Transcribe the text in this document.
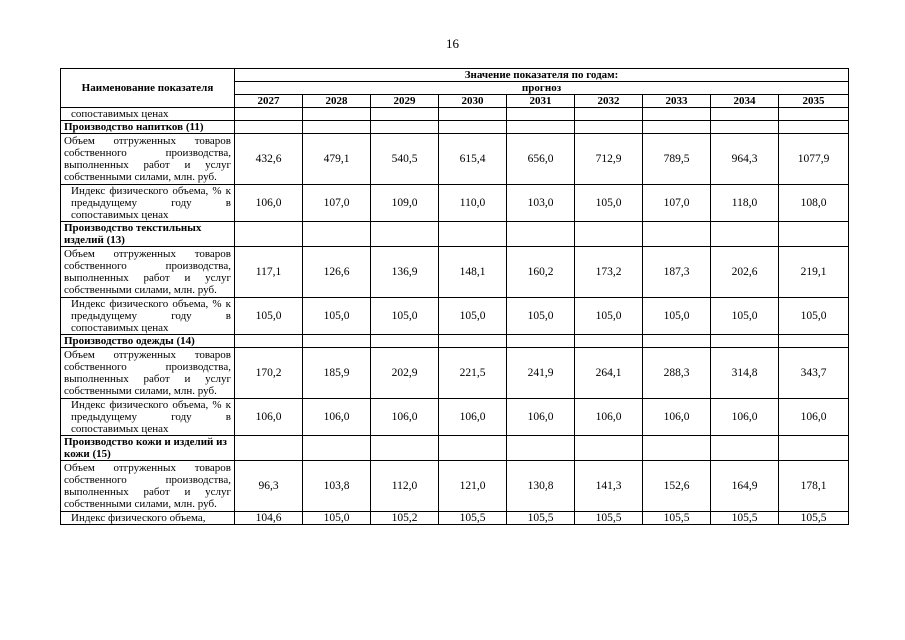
16
Наименование показателя	Значение показателя по годам:								
	прогноз								
	2027	2028	2029	2030	2031	2032	2033	2034	2035
сопоставимых ценах									
Производство напитков (11)									
Объем отгруженных товаров собственного производства, выполненных работ и услуг собственными силами, млн. руб.	432,6	479,1	540,5	615,4	656,0	712,9	789,5	964,3	1077,9
Индекс физического объема, % к предыдущему году в сопоставимых ценах	106,0	107,0	109,0	110,0	103,0	105,0	107,0	118,0	108,0
Производство текстильных изделий (13)									
Объем отгруженных товаров собственного производства, выполненных работ и услуг собственными силами, млн. руб.	117,1	126,6	136,9	148,1	160,2	173,2	187,3	202,6	219,1
Индекс физического объема, % к предыдущему году в сопоставимых ценах	105,0	105,0	105,0	105,0	105,0	105,0	105,0	105,0	105,0
Производство одежды (14)									
Объем отгруженных товаров собственного производства, выполненных работ и услуг собственными силами, млн. руб.	170,2	185,9	202,9	221,5	241,9	264,1	288,3	314,8	343,7
Индекс физического объема, % к предыдущему году в сопоставимых ценах	106,0	106,0	106,0	106,0	106,0	106,0	106,0	106,0	106,0
Производство кожи и изделий из кожи (15)									
Объем отгруженных товаров собственного производства, выполненных работ и услуг собственными силами, млн. руб.	96,3	103,8	112,0	121,0	130,8	141,3	152,6	164,9	178,1
Индекс физического объема,	104,6	105,0	105,2	105,5	105,5	105,5	105,5	105,5	105,5
